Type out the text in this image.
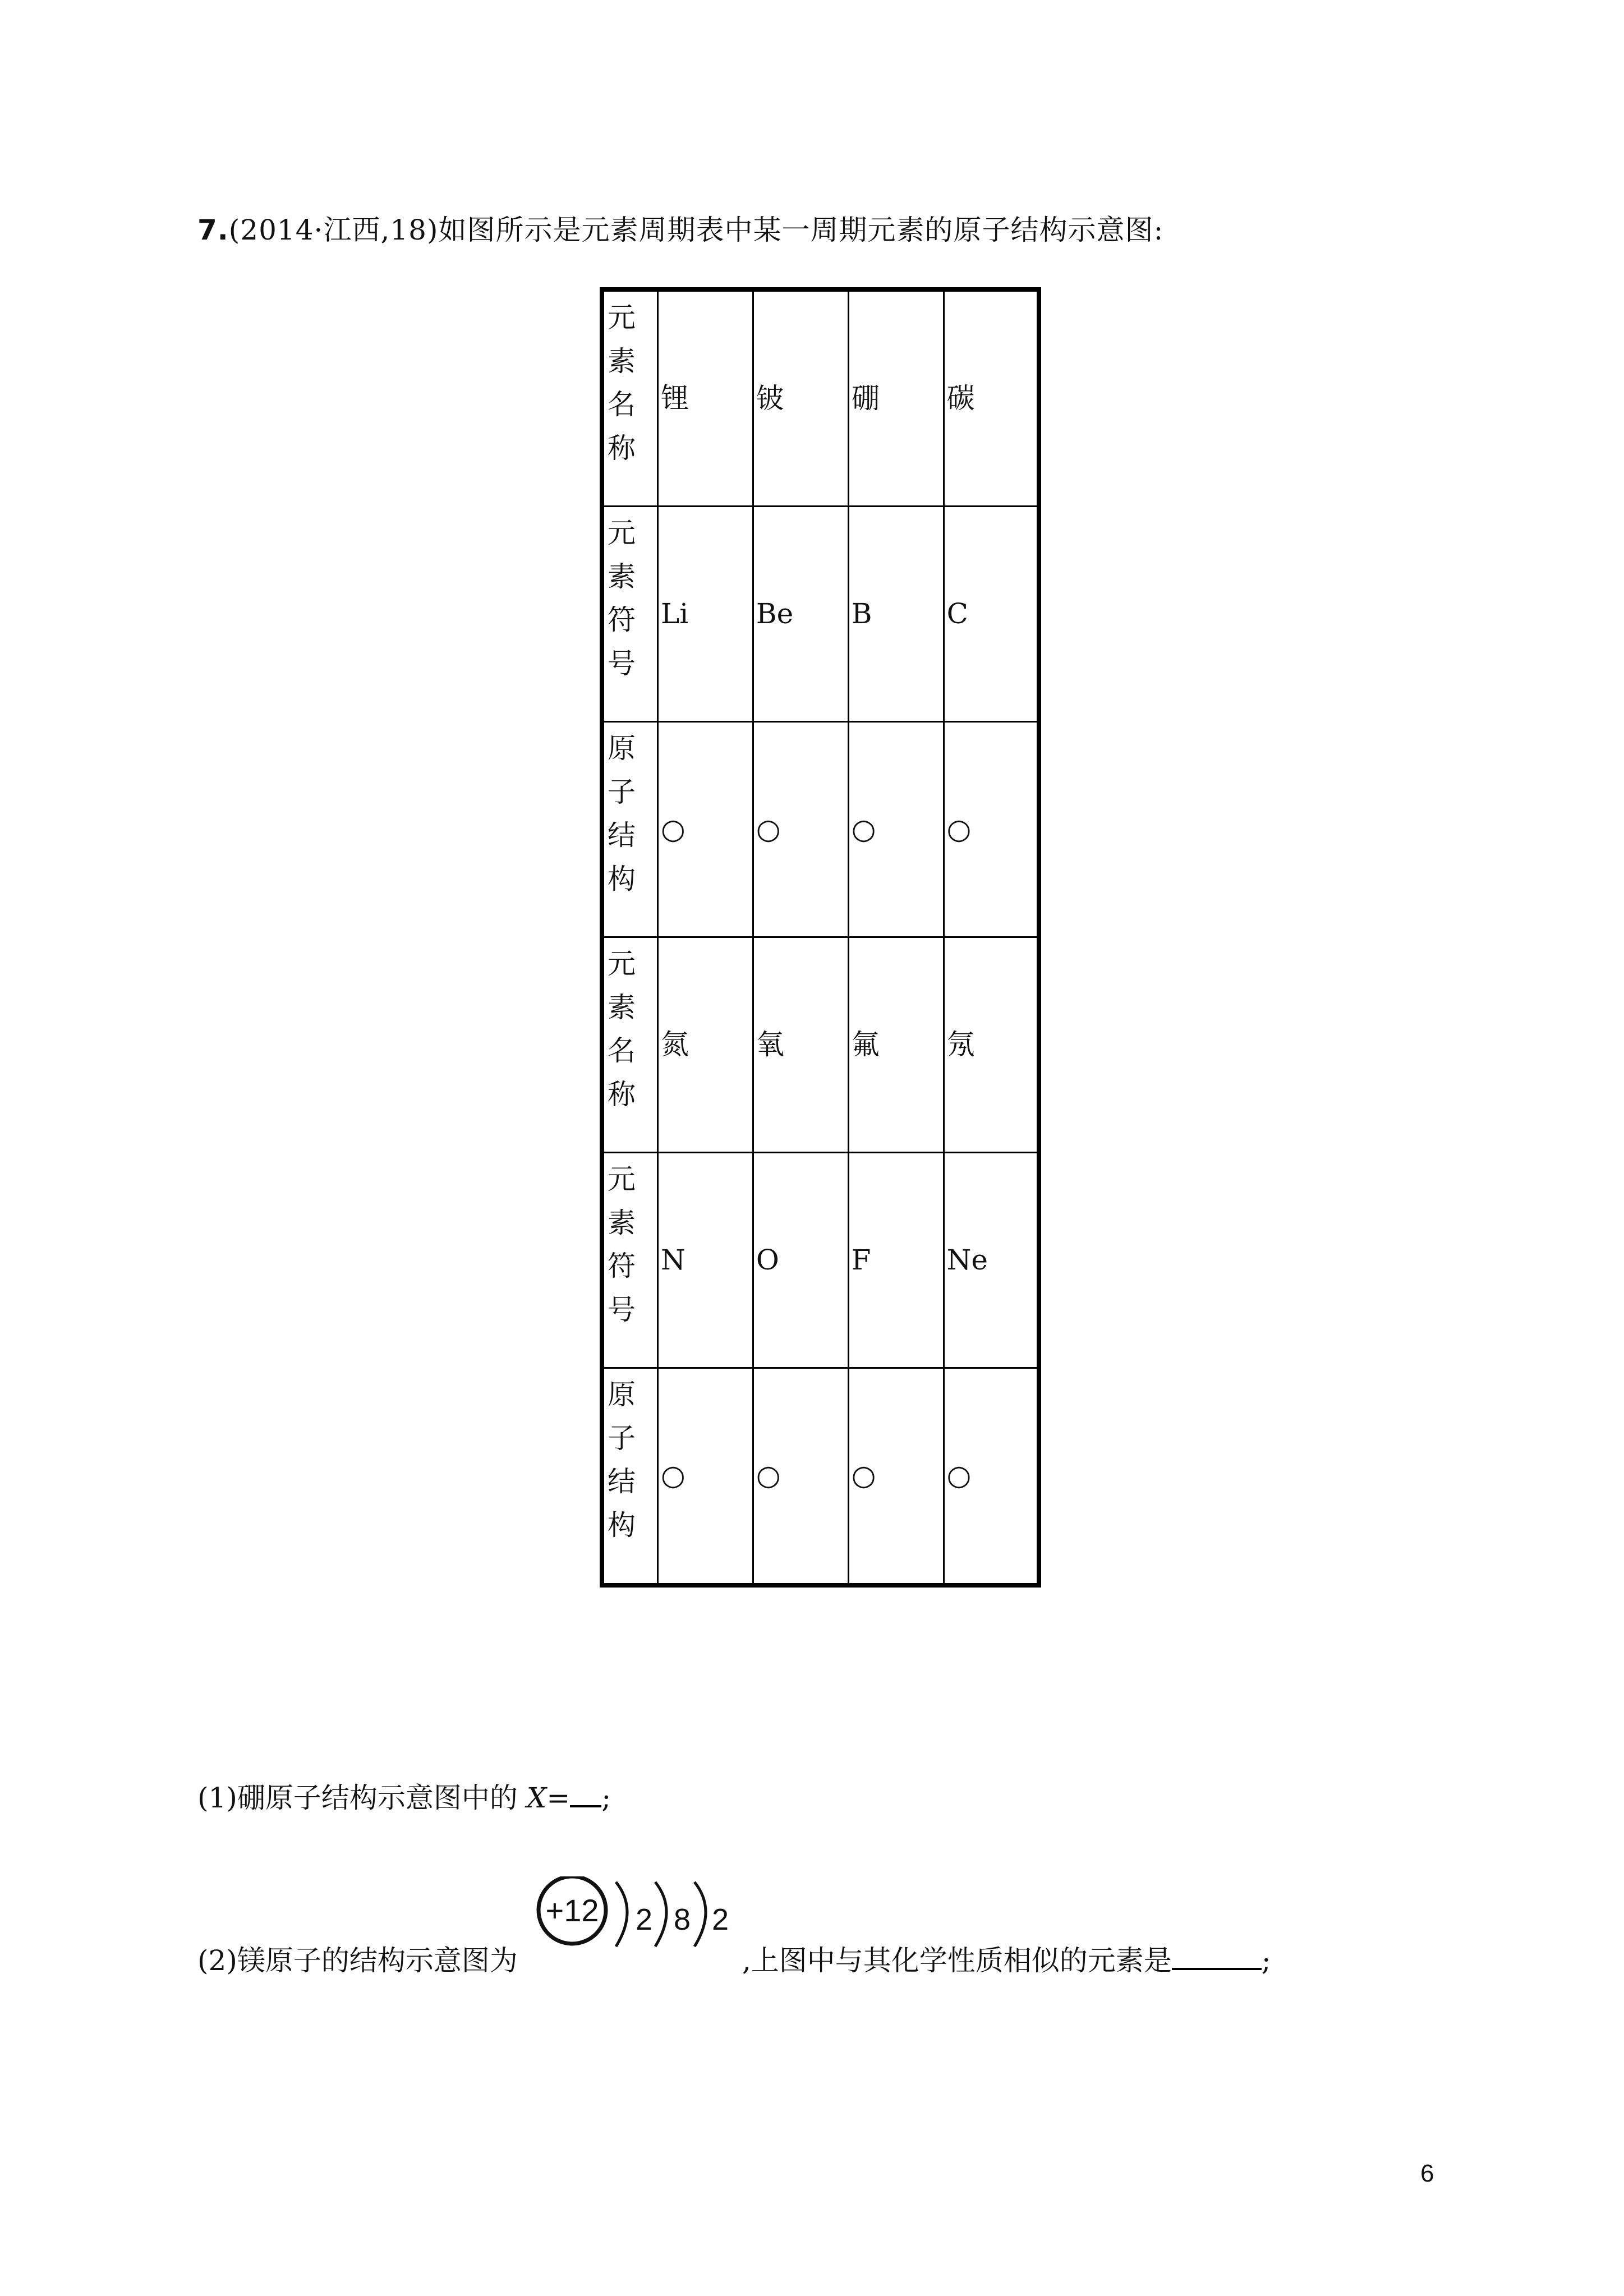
7.(2014·江西,18)如图所示是元素周期表中某一周期元素的原子结构示意图:
元素名称	锂	铍	硼	碳

元素符号	Li	Be	B	C

原子结构	○	○	○	○

元素名称	氮	氧	氟	氖

元素符号	N	O	F	Ne

原子结构	○	○	○	○
(1)硼原子结构示意图中的 X= ;
+12 2 8 2
(2)镁原子的结构示意图为	,上图中与其化学性质相似的元素是	;
6
